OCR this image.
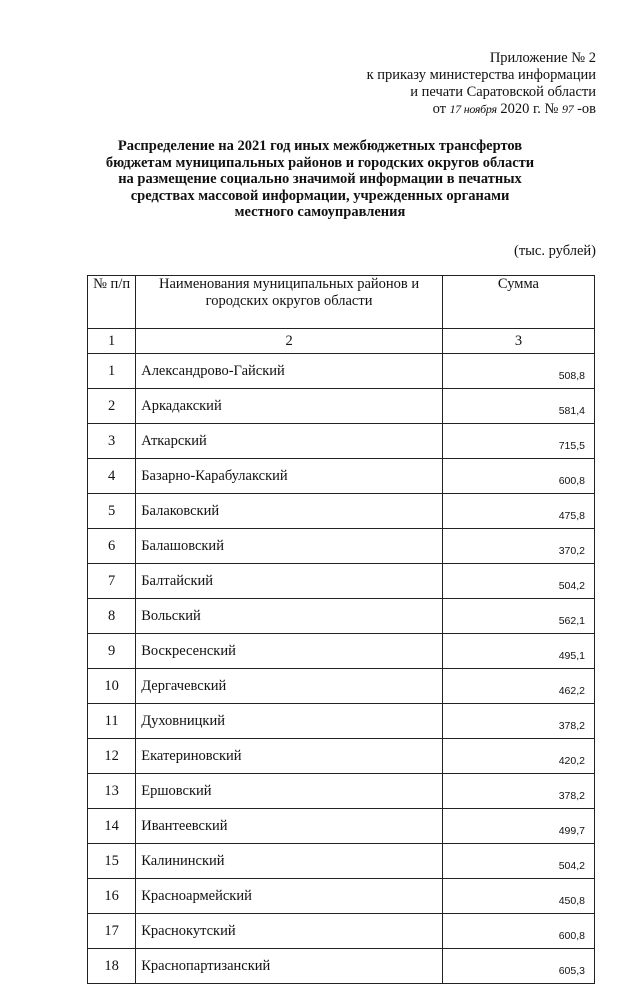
Приложение № 2
к приказу министерства информации
и печати Саратовской области
от 17 ноября 2020 г. № 97 -ов
Распределение на 2021 год иных межбюджетных трансфертов
бюджетам муниципальных районов и городских округов области
на размещение социально значимой информации в печатных
средствах массовой информации, учрежденных органами
местного самоуправления
(тыс. рублей)
№ п/п	Наименования муниципальных районов и городских округов области	Сумма
1	2	3
1	Александрово-Гайский	508,8
2	Аркадакский	581,4
3	Аткарский	715,5
4	Базарно-Карабулакский	600,8
5	Балаковский	475,8
6	Балашовский	370,2
7	Балтайский	504,2
8	Вольский	562,1
9	Воскресенский	495,1
10	Дергачевский	462,2
11	Духовницкий	378,2
12	Екатериновский	420,2
13	Ершовский	378,2
14	Ивантеевский	499,7
15	Калининский	504,2
16	Красноармейский	450,8
17	Краснокутский	600,8
18	Краснопартизанский	605,3
